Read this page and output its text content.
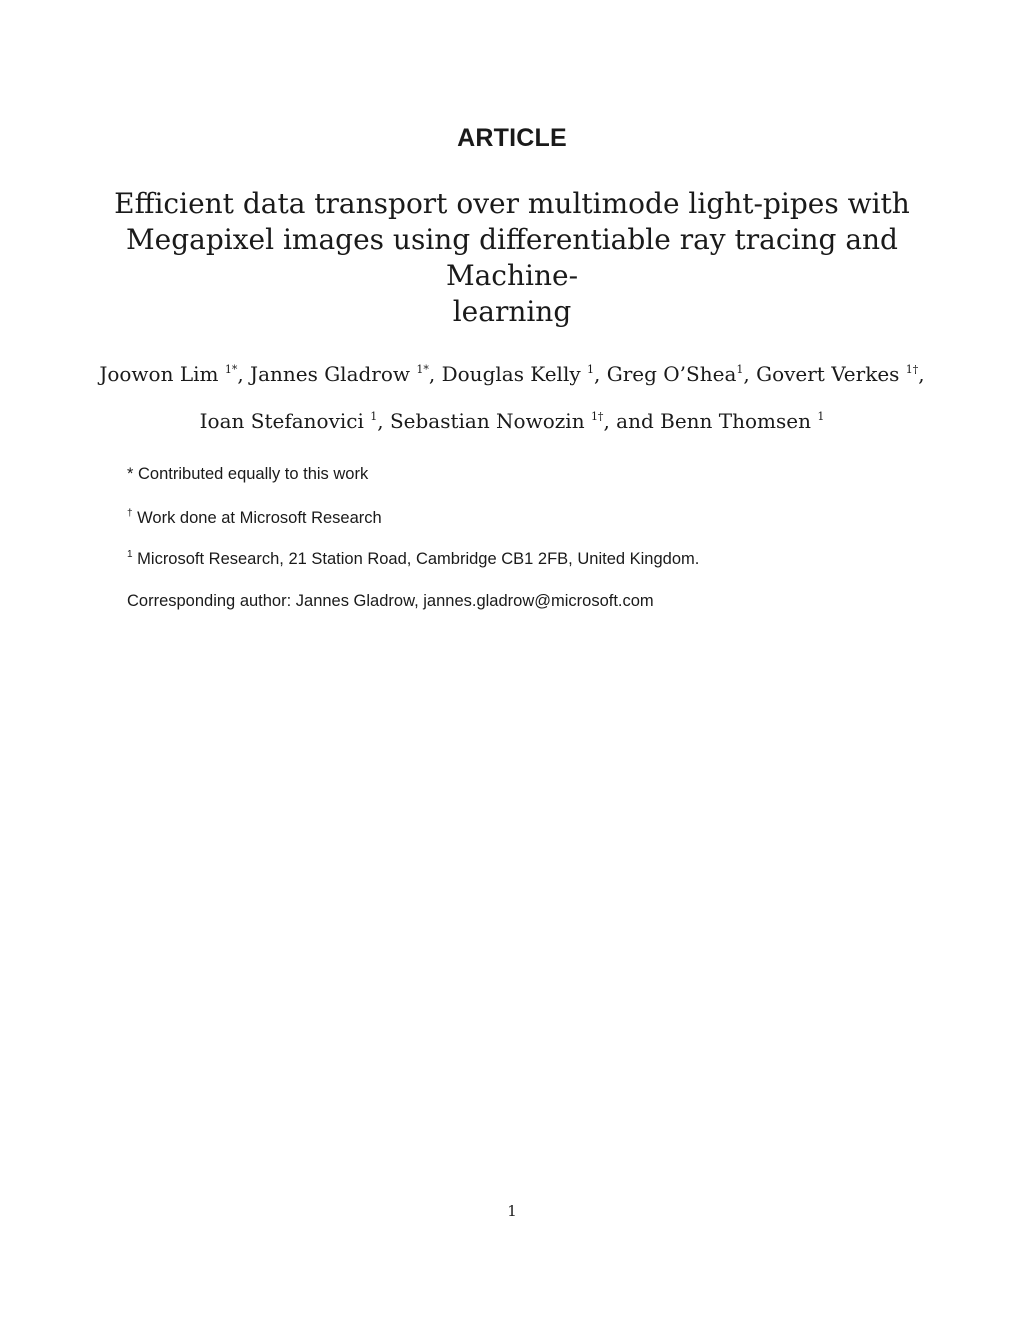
ARTICLE
Efficient data transport over multimode light-pipes with
Megapixel images using differentiable ray tracing and Machine-
learning
Joowon Lim $^{1*}$, Jannes Gladrow $^{1*}$, Douglas Kelly $^1$, Greg O’Shea$^1$, Govert Verkes $^{1\dagger}$,
Ioan Stefanovici $^1$, Sebastian Nowozin $^{1\dagger}$, and Benn Thomsen $^1$
* Contributed equally to this work
† Work done at Microsoft Research
$^1$ Microsoft Research, 21 Station Road, Cambridge CB1 2FB, United Kingdom.
Corresponding author: Jannes Gladrow, jannes.gladrow@microsoft.com
1
